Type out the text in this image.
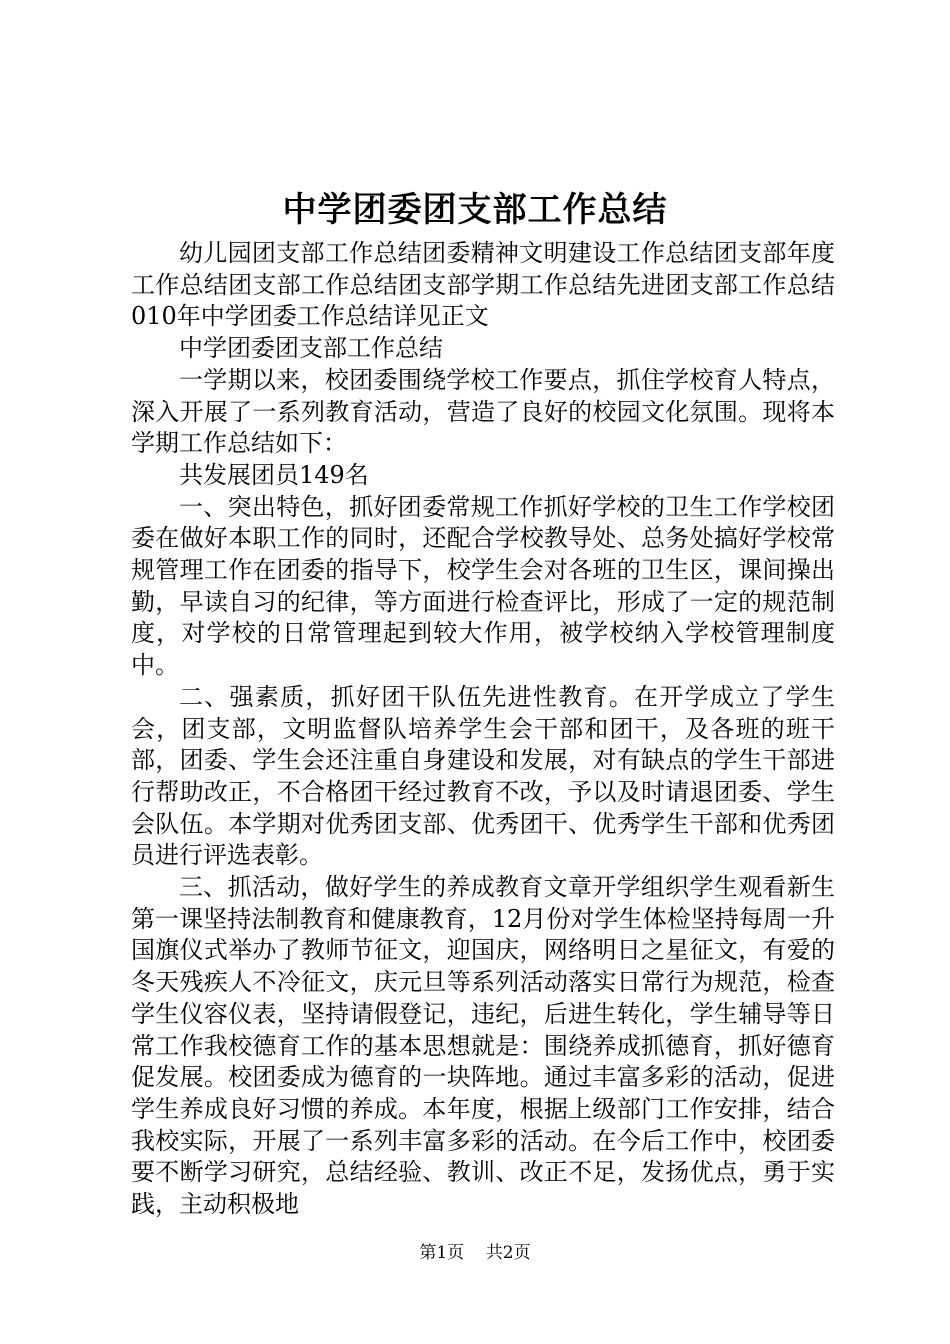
中学团委团支部工作总结

幼儿园团支部工作总结团委精神文明建设工作总结团支部年度工作总结团支部工作总结团支部学期工作总结先进团支部工作总结010年中学团委工作总结详见正文

中学团委团支部工作总结

一学期以来，校团委围绕学校工作要点，抓住学校育人特点，深入开展了一系列教育活动，营造了良好的校园文化氛围。现将本学期工作总结如下：

共发展团员149名

一、突出特色，抓好团委常规工作抓好学校的卫生工作学校团委在做好本职工作的同时，还配合学校教导处、总务处搞好学校常规管理工作在团委的指导下，校学生会对各班的卫生区，课间操出勤，早读自习的纪律，等方面进行检查评比，形成了一定的规范制度，对学校的日常管理起到较大作用，被学校纳入学校管理制度中。

二、强素质，抓好团干队伍先进性教育。在开学成立了学生会，团支部，文明监督队培养学生会干部和团干，及各班的班干部，团委、学生会还注重自身建设和发展，对有缺点的学生干部进行帮助改正，不合格团干经过教育不改，予以及时请退团委、学生会队伍。本学期对优秀团支部、优秀团干、优秀学生干部和优秀团员进行评选表彰。

三、抓活动，做好学生的养成教育文章开学组织学生观看新生第一课坚持法制教育和健康教育，12月份对学生体检坚持每周一升国旗仪式举办了教师节征文，迎国庆，网络明日之星征文，有爱的冬天残疾人不冷征文，庆元旦等系列活动落实日常行为规范，检查学生仪容仪表，坚持请假登记，违纪，后进生转化，学生辅导等日常工作我校德育工作的基本思想就是：围绕养成抓德育，抓好德育促发展。校团委成为德育的一块阵地。通过丰富多彩的活动，促进学生养成良好习惯的养成。本年度，根据上级部门工作安排，结合我校实际，开展了一系列丰富多彩的活动。在今后工作中，校团委要不断学习研究，总结经验、教训、改正不足，发扬优点，勇于实践，主动积极地

第1页 共2页
